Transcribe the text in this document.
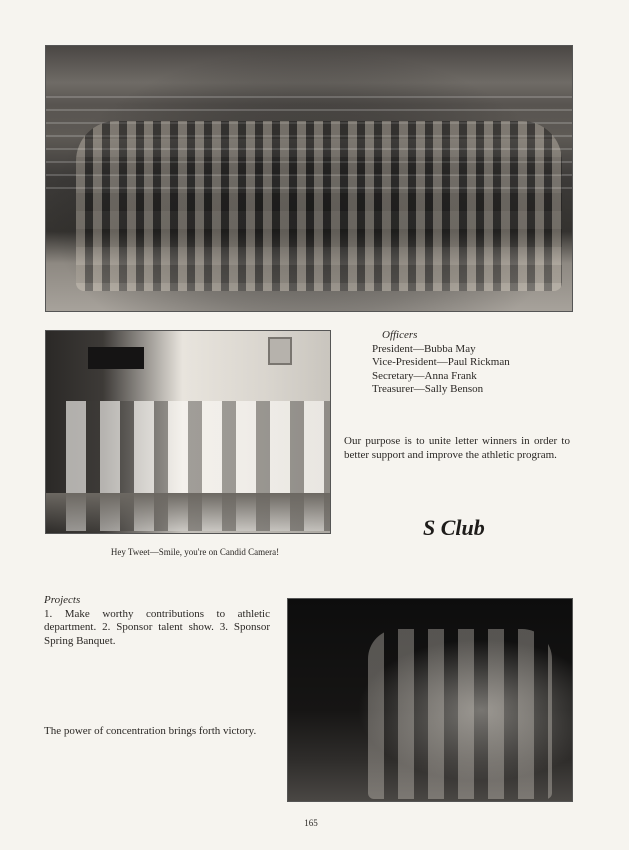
Officers
President—Bubba May
Vice-President—Paul Rickman
Secretary—Anna Frank
Treasurer—Sally Benson

Our purpose is to unite letter winners in order to better support and improve the athletic program.

S Club

Hey Tweet—Smile, you're on Candid Camera!

Projects
1. Make worthy contributions to athletic department. 2. Sponsor talent show. 3. Sponsor Spring Banquet.

The power of concentration brings forth victory.

165
